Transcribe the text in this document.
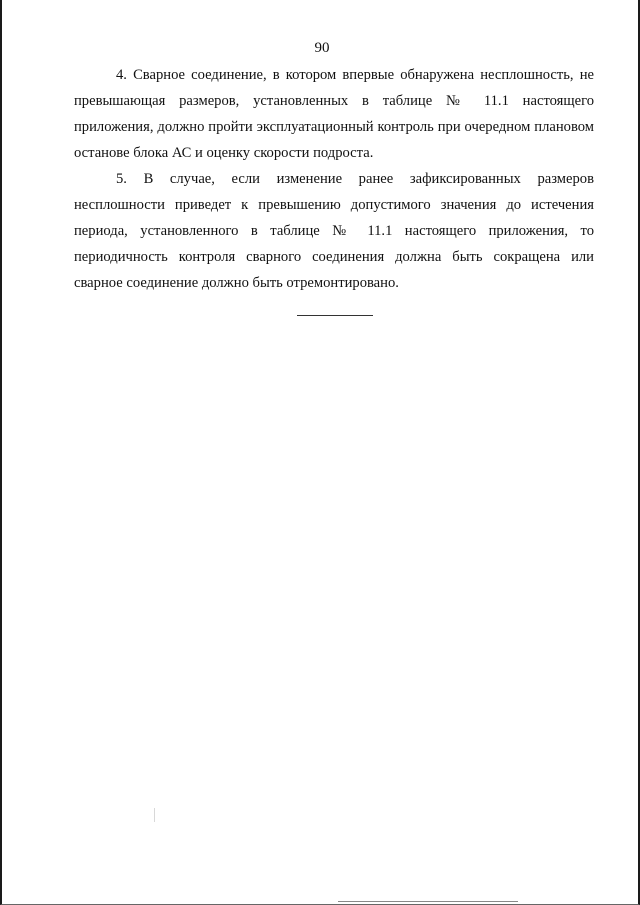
90

4. Сварное соединение, в котором впервые обнаружена несплошность, не превышающая размеров, установленных в таблице № 11.1 настоящего приложения, должно пройти эксплуатационный контроль при очередном плановом останове блока АС и оценку скорости подроста.

5. В случае, если изменение ранее зафиксированных размеров несплошности приведет к превышению допустимого значения до истечения периода, установленного в таблице № 11.1 настоящего приложения, то периодичность контроля сварного соединения должна быть сокращена или сварное соединение должно быть отремонтировано.
